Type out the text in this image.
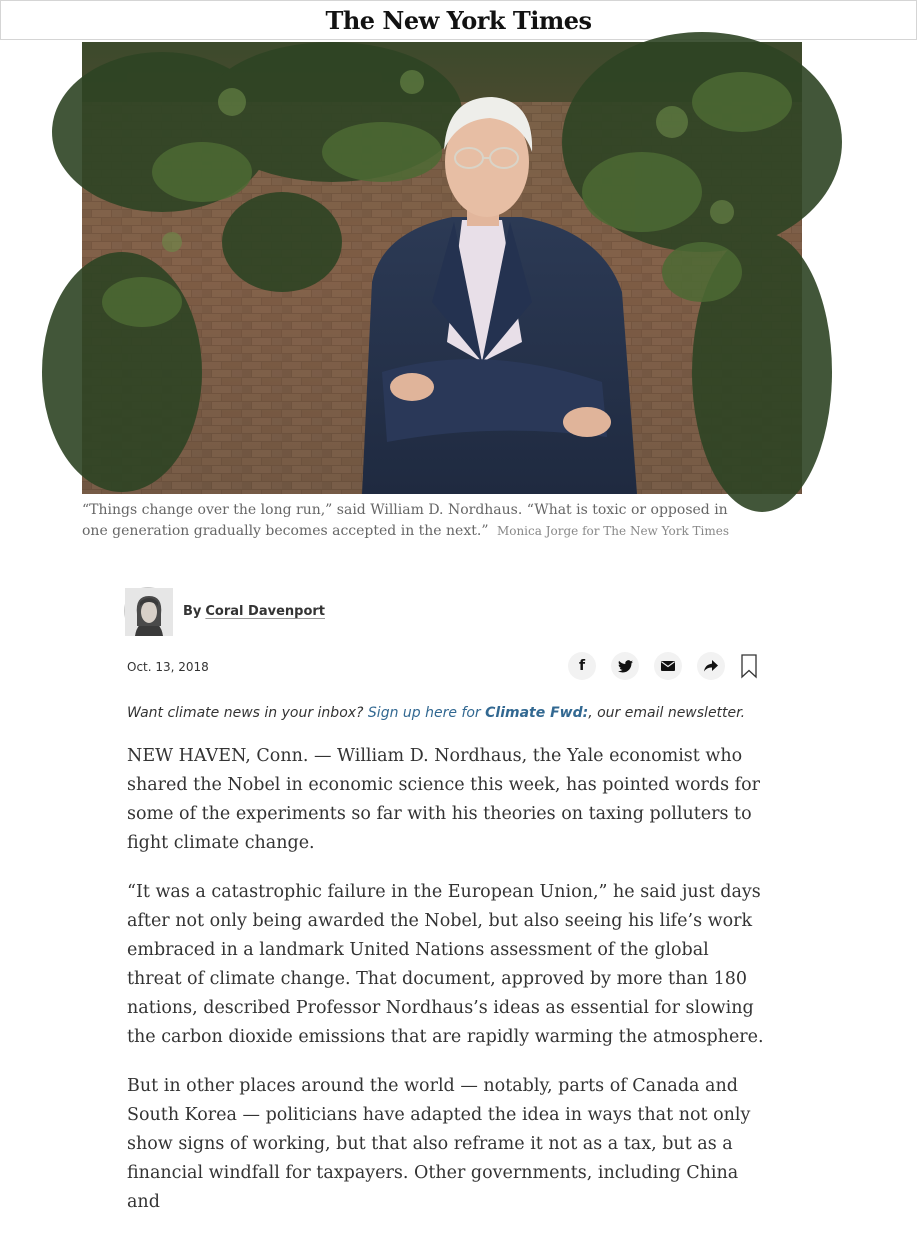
The New York Times
“Things change over the long run,” said William D. Nordhaus. “What is toxic or opposed in one generation gradually becomes accepted in the next.” Monica Jorge for The New York Times
By Coral Davenport
Oct. 13, 2018	f
Want climate news in your inbox? Sign up here for Climate Fwd:, our email newsletter.

NEW HAVEN, Conn. — William D. Nordhaus, the Yale economist who shared the Nobel in economic science this week, has pointed words for some of the experiments so far with his theories on taxing polluters to fight climate change.

“It was a catastrophic failure in the European Union,” he said just days after not only being awarded the Nobel, but also seeing his life’s work embraced in a landmark United Nations assessment of the global threat of climate change. That document, approved by more than 180 nations, described Professor Nordhaus’s ideas as essential for slowing the carbon dioxide emissions that are rapidly warming the atmosphere.

But in other places around the world — notably, parts of Canada and South Korea — politicians have adapted the idea in ways that not only show signs of working, but that also reframe it not as a tax, but as a financial windfall for taxpayers. Other governments, including China and
